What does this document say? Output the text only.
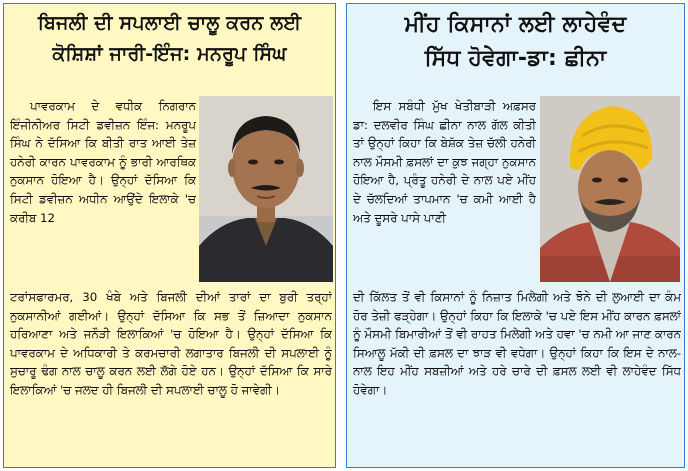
ਬਿਜਲੀ ਦੀ ਸਪਲਾਈ ਚਾਲੂ ਕਰਨ ਲਈ
ਕੋਸ਼ਿਸ਼ਾਂ ਜਾਰੀ-ਇੰਜ: ਮਨਰੂਪ ਸਿੰਘ

ਪਾਵਰਕਾਮ ਦੇ ਵਧੀਕ ਨਿਗਰਾਨ ਇੰਜੀਨੀਅਰ ਸਿਟੀ ਡਵੀਜ਼ਨ ਇੰਜ: ਮਨਰੂਪ ਸਿੰਘ ਨੇ ਦੱਸਿਆ ਕਿ ਬੀਤੀ ਰਾਤ ਆਈ ਤੇਜ਼ ਹਨੇਰੀ ਕਾਰਨ ਪਾਵਰਕਾਮ ਨੂੰ ਭਾਰੀ ਆਰਥਿਕ ਨੁਕਸਾਨ ਹੋਇਆ ਹੈ। ਉਨ੍ਹਾਂ ਦੱਸਿਆ ਕਿ ਸਿਟੀ ਡਵੀਜ਼ਨ ਅਧੀਨ ਆਉਂਦੇ ਇਲਾਕੇ 'ਚ ਕਰੀਬ 12

ਟਰਾਂਸਫਾਰਮਰ, 30 ਖੰਬੇ ਅਤੇ ਬਿਜਲੀ ਦੀਆਂ ਤਾਰਾਂ ਦਾ ਬੁਰੀ ਤਰ੍ਹਾਂ ਨੁਕਸਾਨੀਆਂ ਗਈਆਂ। ਉਨ੍ਹਾਂ ਦੱਸਿਆ ਕਿ ਸਭ ਤੋਂ ਜ਼ਿਆਦਾ ਨੁਕਸਾਨ ਹਰਿਆਣਾ ਅਤੇ ਜਨੌੜੀ ਇਲਾਕਿਆਂ 'ਚ ਹੋਇਆ ਹੈ। ਉਨ੍ਹਾਂ ਦੱਸਿਆ ਕਿ ਪਾਵਰਕਾਮ ਦੇ ਅਧਿਕਾਰੀ ਤੇ ਕਰਮਚਾਰੀ ਲਗਾਤਾਰ ਬਿਜਲੀ ਦੀ ਸਪਲਾਈ ਨੂੰ ਸੁਚਾਰੂ ਢੰਗ ਨਾਲ ਚਾਲੂ ਕਰਨ ਲਈ ਲੱਗੇ ਹੋਏ ਹਨ। ਉਨ੍ਹਾਂ ਦੱਸਿਆ ਕਿ ਸਾਰੇ ਇਲਾਕਿਆਂ 'ਚ ਜਲਦ ਹੀ ਬਿਜਲੀ ਦੀ ਸਪਲਾਈ ਚਾਲੂ ਹੋ ਜਾਵੇਗੀ।
ਮੀਂਹ ਕਿਸਾਨਾਂ ਲਈ ਲਾਹੇਵੰਦ
ਸਿੱਧ ਹੋਵੇਗਾ-ਡਾ: ਛੀਨਾ

ਇਸ ਸਬੰਧੀ ਮੁੱਖ ਖੇਤੀਬਾੜੀ ਅਫ਼ਸਰ ਡਾ: ਦਲਵੀਰ ਸਿੰਘ ਛੀਨਾ ਨਾਲ ਗੱਲ ਕੀਤੀ ਤਾਂ ਉਨ੍ਹਾਂ ਕਿਹਾ ਕਿ ਬੇਸ਼ੱਕ ਤੇਜ਼ ਚੱਲੀ ਹਨੇਰੀ ਨਾਲ ਮੌਸਮੀ ਫ਼ਸਲਾਂ ਦਾ ਕੁਝ ਜਗ੍ਹਾ ਨੁਕਸਾਨ ਹੋਇਆ ਹੈ, ਪ੍ਰੰਤੂ ਹਨੇਰੀ ਦੇ ਨਾਲ ਪਏ ਮੀਂਹ ਦੇ ਚੱਲਦਿਆਂ ਤਾਪਮਾਨ 'ਚ ਕਮੀ ਆਈ ਹੈ ਅਤੇ ਦੂਸਰੇ ਪਾਸੇ ਪਾਣੀ

ਦੀ ਕਿੱਲਤ ਤੋਂ ਵੀ ਕਿਸਾਨਾਂ ਨੂੰ ਨਿਜ਼ਾਤ ਮਿਲੇਗੀ ਅਤੇ ਝੋਨੇ ਦੀ ਲੁਆਈ ਦਾ ਕੰਮ ਹੋਰ ਤੇਜ਼ੀ ਫੜ੍ਹੇਗਾ। ਉਨ੍ਹਾਂ ਕਿਹਾ ਕਿ ਇਲਾਕੇ 'ਚ ਪਏ ਇਸ ਮੀਂਹ ਕਾਰਨ ਫ਼ਸਲਾਂ ਨੂੰ ਮੌਸਮੀ ਬਿਮਾਰੀਆਂ ਤੋਂ ਵੀ ਰਾਹਤ ਮਿਲੇਗੀ ਅਤੇ ਹਵਾ 'ਚ ਨਮੀ ਆ ਜਾਣ ਕਾਰਨ ਸਿਆਲੂ ਮੱਕੀ ਦੀ ਫ਼ਸਲ ਦਾ ਝਾੜ ਵੀ ਵਧੇਗਾ। ਉਨ੍ਹਾਂ ਕਿਹਾ ਕਿ ਇਸ ਦੇ ਨਾਲ-ਨਾਲ ਇਹ ਮੀਂਹ ਸਬਜ਼ੀਆਂ ਅਤੇ ਹਰੇ ਚਾਰੇ ਦੀ ਫ਼ਸਲ ਲਈ ਵੀ ਲਾਹੇਵੰਦ ਸਿੱਧ ਹੋਵੇਗਾ।
